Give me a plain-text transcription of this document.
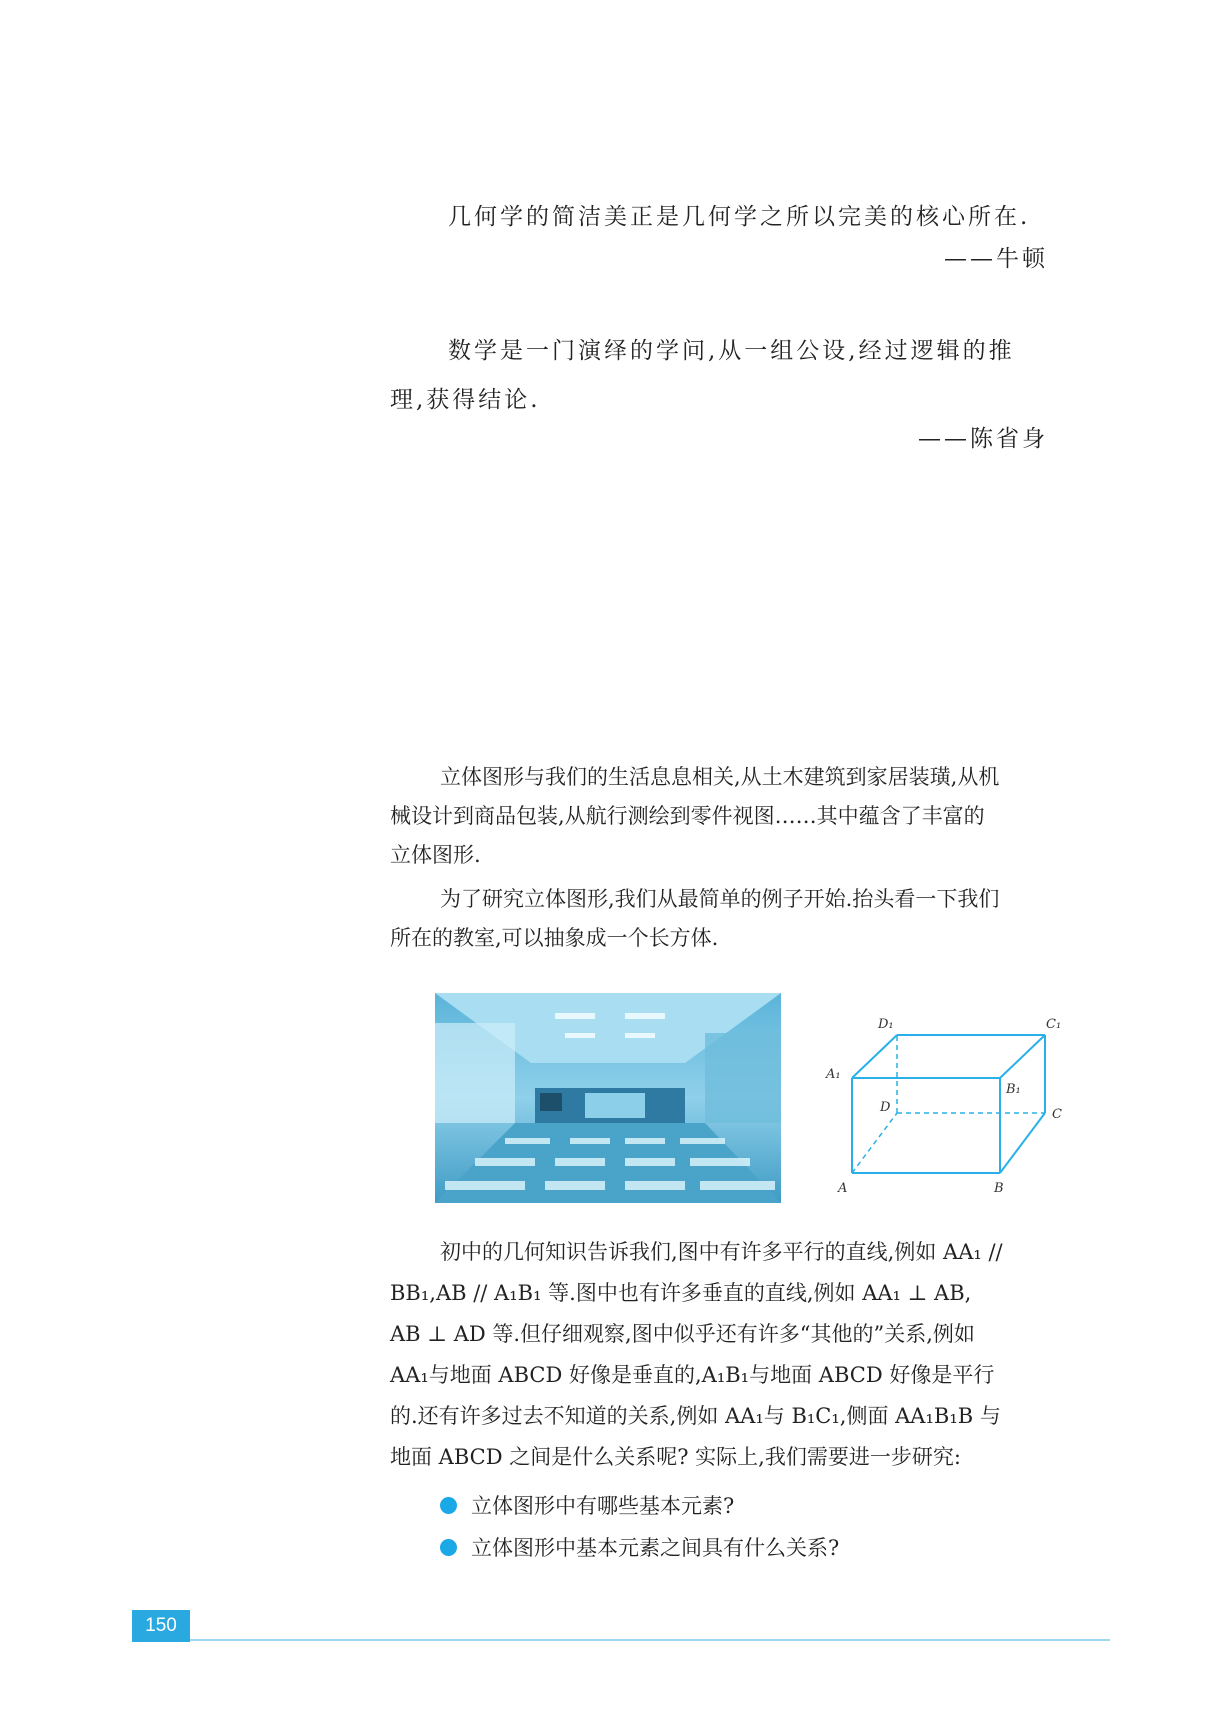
几何学的简洁美正是几何学之所以完美的核心所在.
——牛顿
数学是一门演绎的学问,从一组公设,经过逻辑的推
理,获得结论.
——陈省身
立体图形与我们的生活息息相关,从土木建筑到家居装璜,从机
械设计到商品包装,从航行测绘到零件视图……其中蕴含了丰富的
立体图形.
为了研究立体图形,我们从最简单的例子开始.抬头看一下我们
所在的教室,可以抽象成一个长方体.
A	B
C
D
A₁
B₁
C₁
D₁
初中的几何知识告诉我们,图中有许多平行的直线,例如 AA₁ //
BB₁,AB // A₁B₁ 等.图中也有许多垂直的直线,例如 AA₁ ⊥ AB,
AB ⊥ AD 等.但仔细观察,图中似乎还有许多“其他的”关系,例如
AA₁与地面 ABCD 好像是垂直的,A₁B₁与地面 ABCD 好像是平行
的.还有许多过去不知道的关系,例如 AA₁与 B₁C₁,侧面 AA₁B₁B 与
地面 ABCD 之间是什么关系呢? 实际上,我们需要进一步研究:
立体图形中有哪些基本元素?
立体图形中基本元素之间具有什么关系?
150
